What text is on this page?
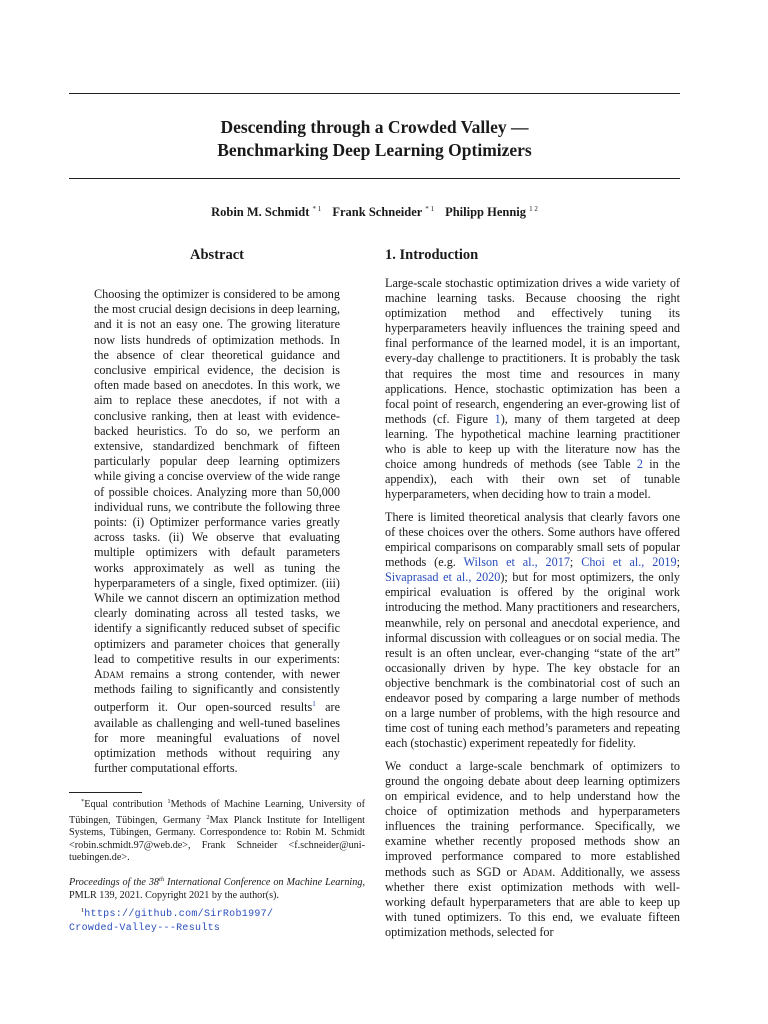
Descending through a Crowded Valley —
Benchmarking Deep Learning Optimizers
Robin M. Schmidt $^{* 1}$ Frank Schneider $^{* 1}$ Philipp Hennig $^{1 2}$
Abstract
Choosing the optimizer is considered to be among the most crucial design decisions in deep learning, and it is not an easy one. The growing literature now lists hundreds of optimization methods. In the absence of clear theoretical guidance and conclusive empirical evidence, the decision is often made based on anecdotes. In this work, we aim to replace these anecdotes, if not with a conclusive ranking, then at least with evidence-backed heuristics. To do so, we perform an extensive, standardized benchmark of fifteen particularly popular deep learning optimizers while giving a concise overview of the wide range of possible choices. Analyzing more than 50,000 individual runs, we contribute the following three points: (i) Optimizer performance varies greatly across tasks. (ii) We observe that evaluating multiple optimizers with default parameters works approximately as well as tuning the hyperparameters of a single, fixed optimizer. (iii) While we cannot discern an optimization method clearly dominating across all tested tasks, we identify a significantly reduced subset of specific optimizers and parameter choices that generally lead to competitive results in our experiments: Adam remains a strong contender, with newer methods failing to significantly and consistently outperform it. Our open-sourced results$^1$ are available as challenging and well-tuned baselines for more meaningful evaluations of novel optimization methods without requiring any further computational efforts.
1. Introduction

Large-scale stochastic optimization drives a wide variety of machine learning tasks. Because choosing the right optimization method and effectively tuning its hyperparameters heavily influences the training speed and final performance of the learned model, it is an important, every-day challenge to practitioners. It is probably the task that requires the most time and resources in many applications. Hence, stochastic optimization has been a focal point of research, engendering an ever-growing list of methods (cf. Figure 1), many of them targeted at deep learning. The hypothetical machine learning practitioner who is able to keep up with the literature now has the choice among hundreds of methods (see Table 2 in the appendix), each with their own set of tunable hyperparameters, when deciding how to train a model.

There is limited theoretical analysis that clearly favors one of these choices over the others. Some authors have offered empirical comparisons on comparably small sets of popular methods (e.g. Wilson et al., 2017; Choi et al., 2019; Sivaprasad et al., 2020); but for most optimizers, the only empirical evaluation is offered by the original work introducing the method. Many practitioners and researchers, meanwhile, rely on personal and anecdotal experience, and informal discussion with colleagues or on social media. The result is an often unclear, ever-changing “state of the art” occasionally driven by hype. The key obstacle for an objective benchmark is the combinatorial cost of such an endeavor posed by comparing a large number of methods on a large number of problems, with the high resource and time cost of tuning each method’s parameters and repeating each (stochastic) experiment repeatedly for fidelity.

We conduct a large-scale benchmark of optimizers to ground the ongoing debate about deep learning optimizers on empirical evidence, and to help understand how the choice of optimization methods and hyperparameters influences the training performance. Specifically, we examine whether recently proposed methods show an improved performance compared to more established methods such as SGD or Adam. Additionally, we assess whether there exist optimization methods with well-working default hyperparameters that are able to keep up with tuned optimizers. To this end, we evaluate fifteen optimization methods, selected for

*Equal contribution $^1$Methods of Machine Learning, University of Tübingen, Tübingen, Germany $^2$Max Planck Institute for Intelligent Systems, Tübingen, Germany. Correspondence to: Robin M. Schmidt <robin.schmidt.97@web.de>, Frank Schneider <f.schneider@uni-tuebingen.de>.

Proceedings of the 38th International Conference on Machine Learning, PMLR 139, 2021. Copyright 2021 by the author(s).

$^1$https://github.com/SirRob1997/
Crowded-Valley---Results
